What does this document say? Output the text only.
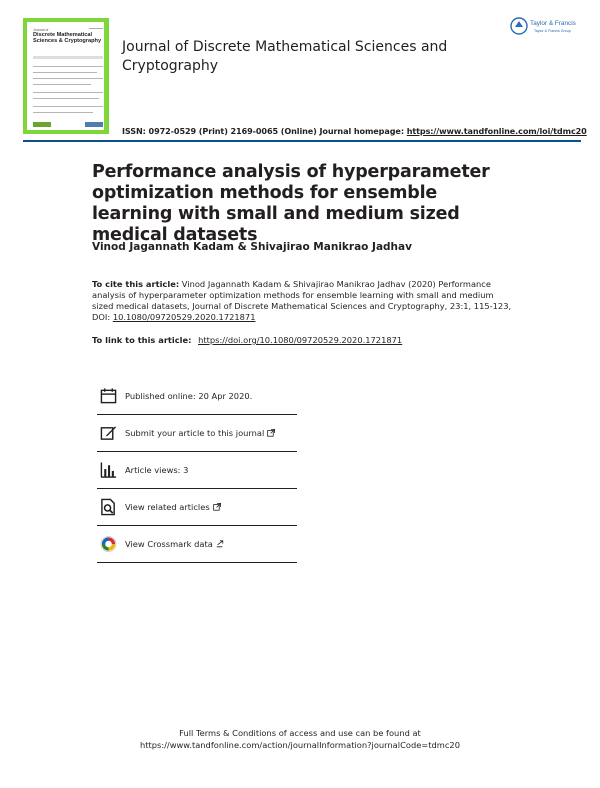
Journal of
Discrete Mathematical Sciences & Cryptography Journal of Discrete Mathematical Sciences and Cryptography
Taylor & Francis
Taylor & Francis Group
ISSN: 0972-0529 (Print) 2169-0065 (Online) Journal homepage: https://www.tandfonline.com/loi/tdmc20
Performance analysis of hyperparameter optimization methods for ensemble learning with small and medium sized medical datasets
Vinod Jagannath Kadam & Shivajirao Manikrao Jadhav
To cite this article: Vinod Jagannath Kadam & Shivajirao Manikrao Jadhav (2020) Performance analysis of hyperparameter optimization methods for ensemble learning with small and medium sized medical datasets, Journal of Discrete Mathematical Sciences and Cryptography, 23:1, 115-123, DOI: 10.1080/09720529.2020.1721871
To link to this article: https://doi.org/10.1080/09720529.2020.1721871
Published online: 20 Apr 2020.
Submit your article to this journal
Article views: 3
View related articles
View Crossmark data
Full Terms & Conditions of access and use can be found at
https://www.tandfonline.com/action/journalInformation?journalCode=tdmc20
